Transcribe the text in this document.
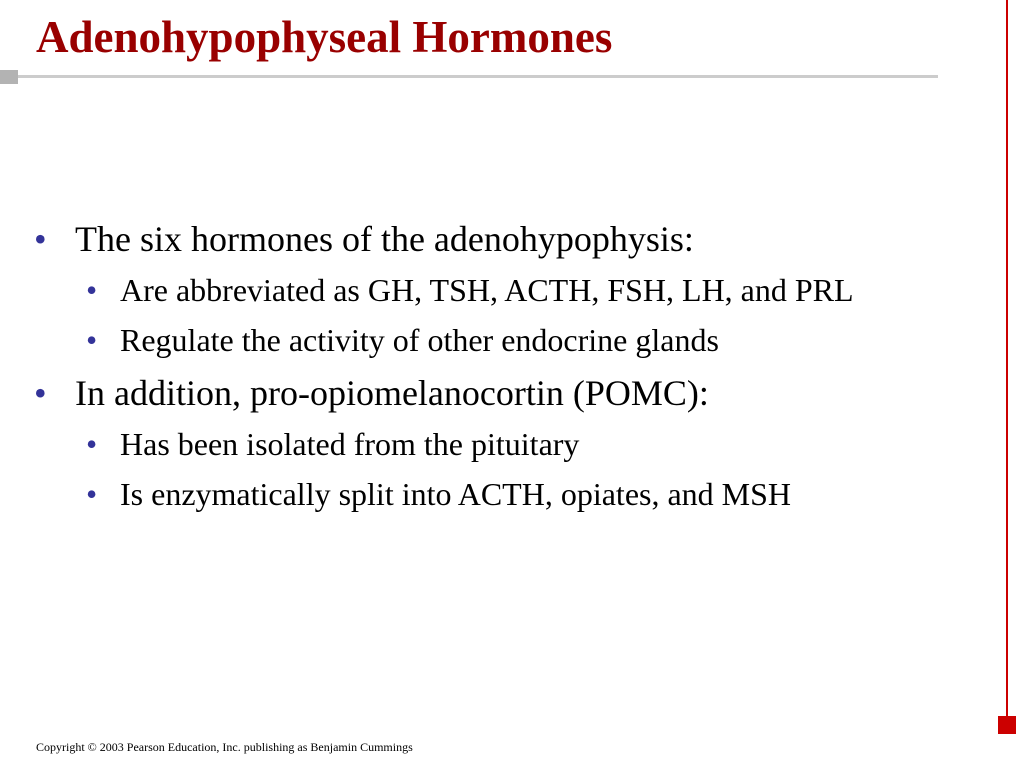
Adenohypophyseal Hormones
• The six hormones of the adenohypophysis:
• Are abbreviated as GH, TSH, ACTH, FSH, LH, and PRL
• Regulate the activity of other endocrine glands
• In addition, pro-opiomelanocortin (POMC):
• Has been isolated from the pituitary
• Is enzymatically split into ACTH, opiates, and MSH
Copyright © 2003 Pearson Education, Inc. publishing as Benjamin Cummings
